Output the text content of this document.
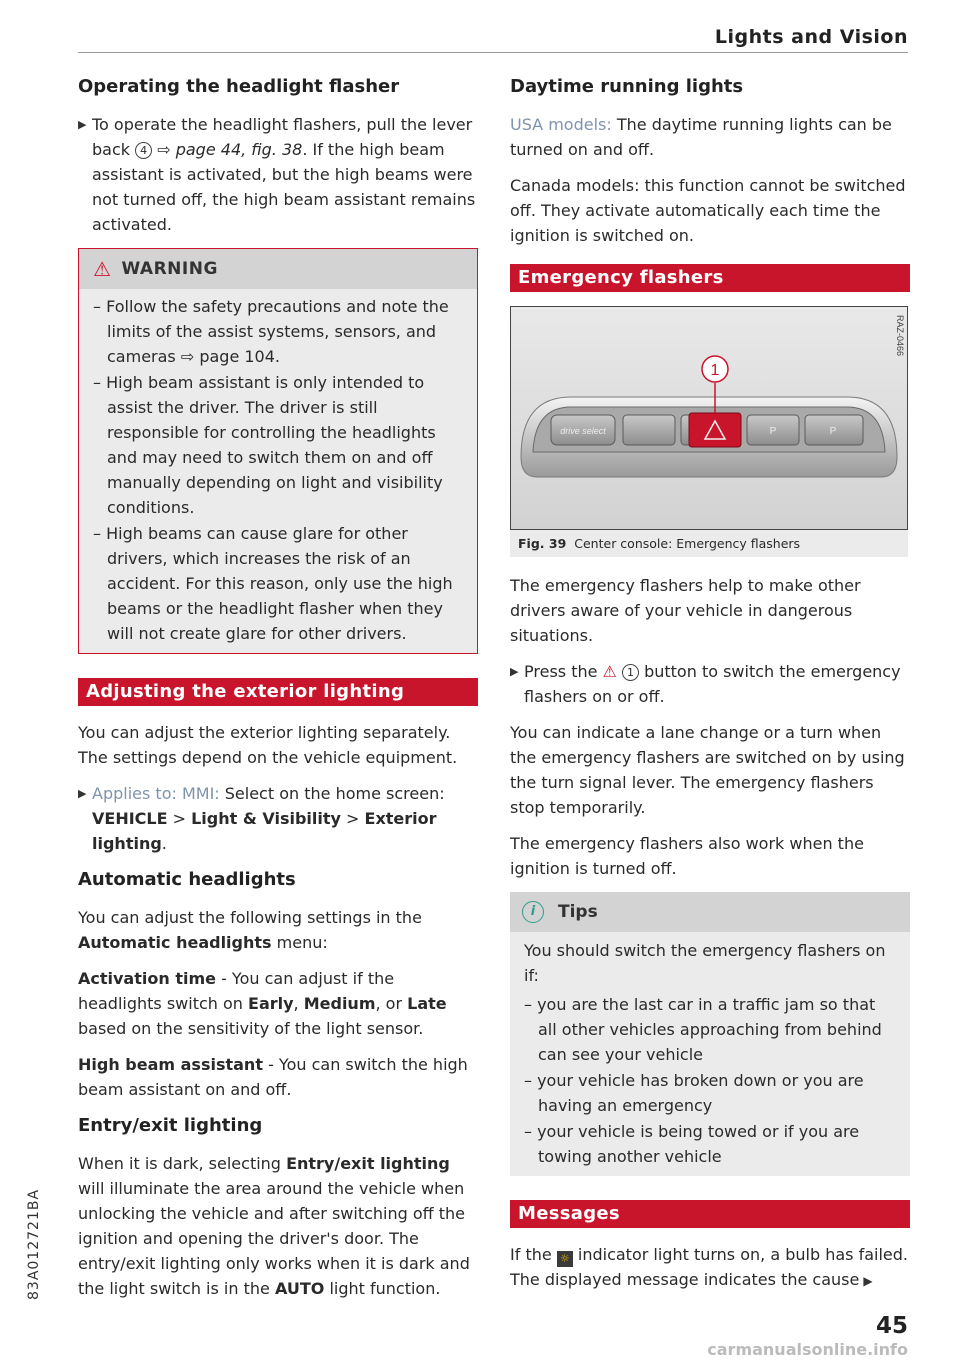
Lights and Vision
Operating the headlight flasher
▶ To operate the headlight flashers, pull the lever back 4 ⇨ page 44, fig. 38. If the high beam assistant is activated, but the high beams were not turned off, the high beam assistant remains activated.
⚠ WARNING
– Follow the safety precautions and note the limits of the assist systems, sensors, and cameras ⇨ page 104.
– High beam assistant is only intended to assist the driver. The driver is still responsible for controlling the headlights and may need to switch them on and off manually depending on light and visibility conditions.
– High beams can cause glare for other drivers, which increases the risk of an accident. For this reason, only use the high beams or the headlight flasher when they will not create glare for other drivers.
Adjusting the exterior lighting

You can adjust the exterior lighting separately. The settings depend on the vehicle equipment.

▶ Applies to: MMI: Select on the home screen: VEHICLE > Light & Visibility > Exterior lighting.
Automatic headlights

You can adjust the following settings in the Automatic headlights menu:

Activation time - You can adjust if the headlights switch on Early, Medium, or Late based on the sensitivity of the light sensor.

High beam assistant - You can switch the high beam assistant on and off.

Entry/exit lighting

When it is dark, selecting Entry/exit lighting will illuminate the area around the vehicle when unlocking the vehicle and after switching off the ignition and opening the driver's door. The entry/exit lighting only works when it is dark and the light switch is in the AUTO light function.

Daytime running lights

USA models: The daytime running lights can be turned on and off.

Canada models: this function cannot be switched off. They activate automatically each time the ignition is switched on.

Emergency flashers
drive select	P	P
1
RAZ-0466
Fig. 39 Center console: Emergency flashers

The emergency flashers help to make other drivers aware of your vehicle in dangerous situations.

▶ Press the ⚠ 1 button to switch the emergency flashers on or off.

You can indicate a lane change or a turn when the emergency flashers are switched on by using the turn signal lever. The emergency flashers stop temporarily.

The emergency flashers also work when the ignition is turned off.

i	Tips

You should switch the emergency flashers on if:

– you are the last car in a traffic jam so that all other vehicles approaching from behind can see your vehicle
– your vehicle has broken down or you are having an emergency
– your vehicle is being towed or if you are towing another vehicle
Messages

If the ☼ indicator light turns on, a bulb has failed. The displayed message indicates the cause ▶

83A012721BA
45
carmanualsonline.info
